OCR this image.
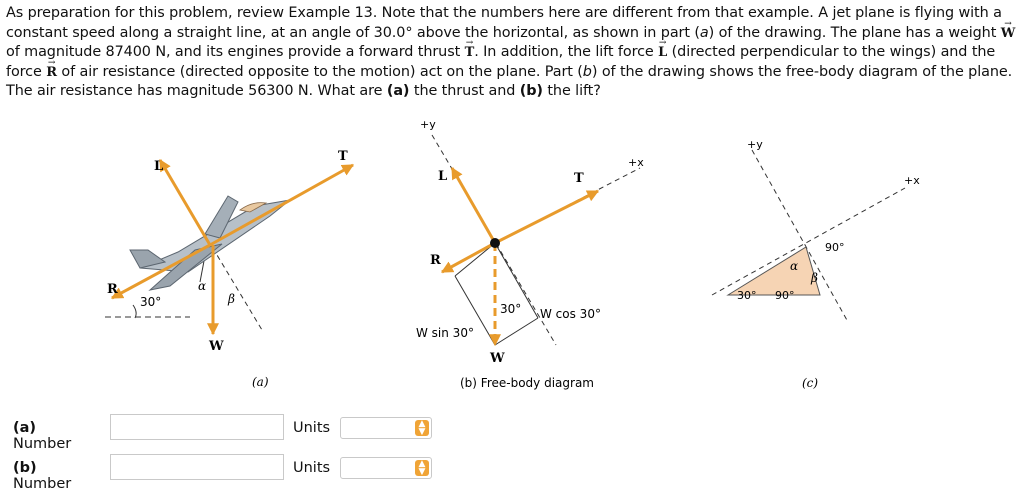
As preparation for this problem, review Example 13. Note that the numbers here are different from that example. A jet plane is flying with a constant speed along a straight line, at an angle of 30.0° above the horizontal, as shown in part (a) of the drawing. The plane has a weight → W of magnitude 87400 N, and its engines provide a forward thrust → T. In addition, the lift force → L (directed perpendicular to the wings) and the force → R of air resistance (directed opposite to the motion) act on the plane. Part (b) of the drawing shows the free-body diagram of the plane. The air resistance has magnitude 56300 N. What are (a) the thrust and (b) the lift?
L
T
R
W
30°
α
β
(a)
+y
+x
L	T
R
W
30°
W sin 30°
W cos 30°
(b) Free-body diagram
+y
+x
90°
α
β
30° 90°
(c)
(a) Number
Units	▲
▼
(b) Number
Units	▲
▼
